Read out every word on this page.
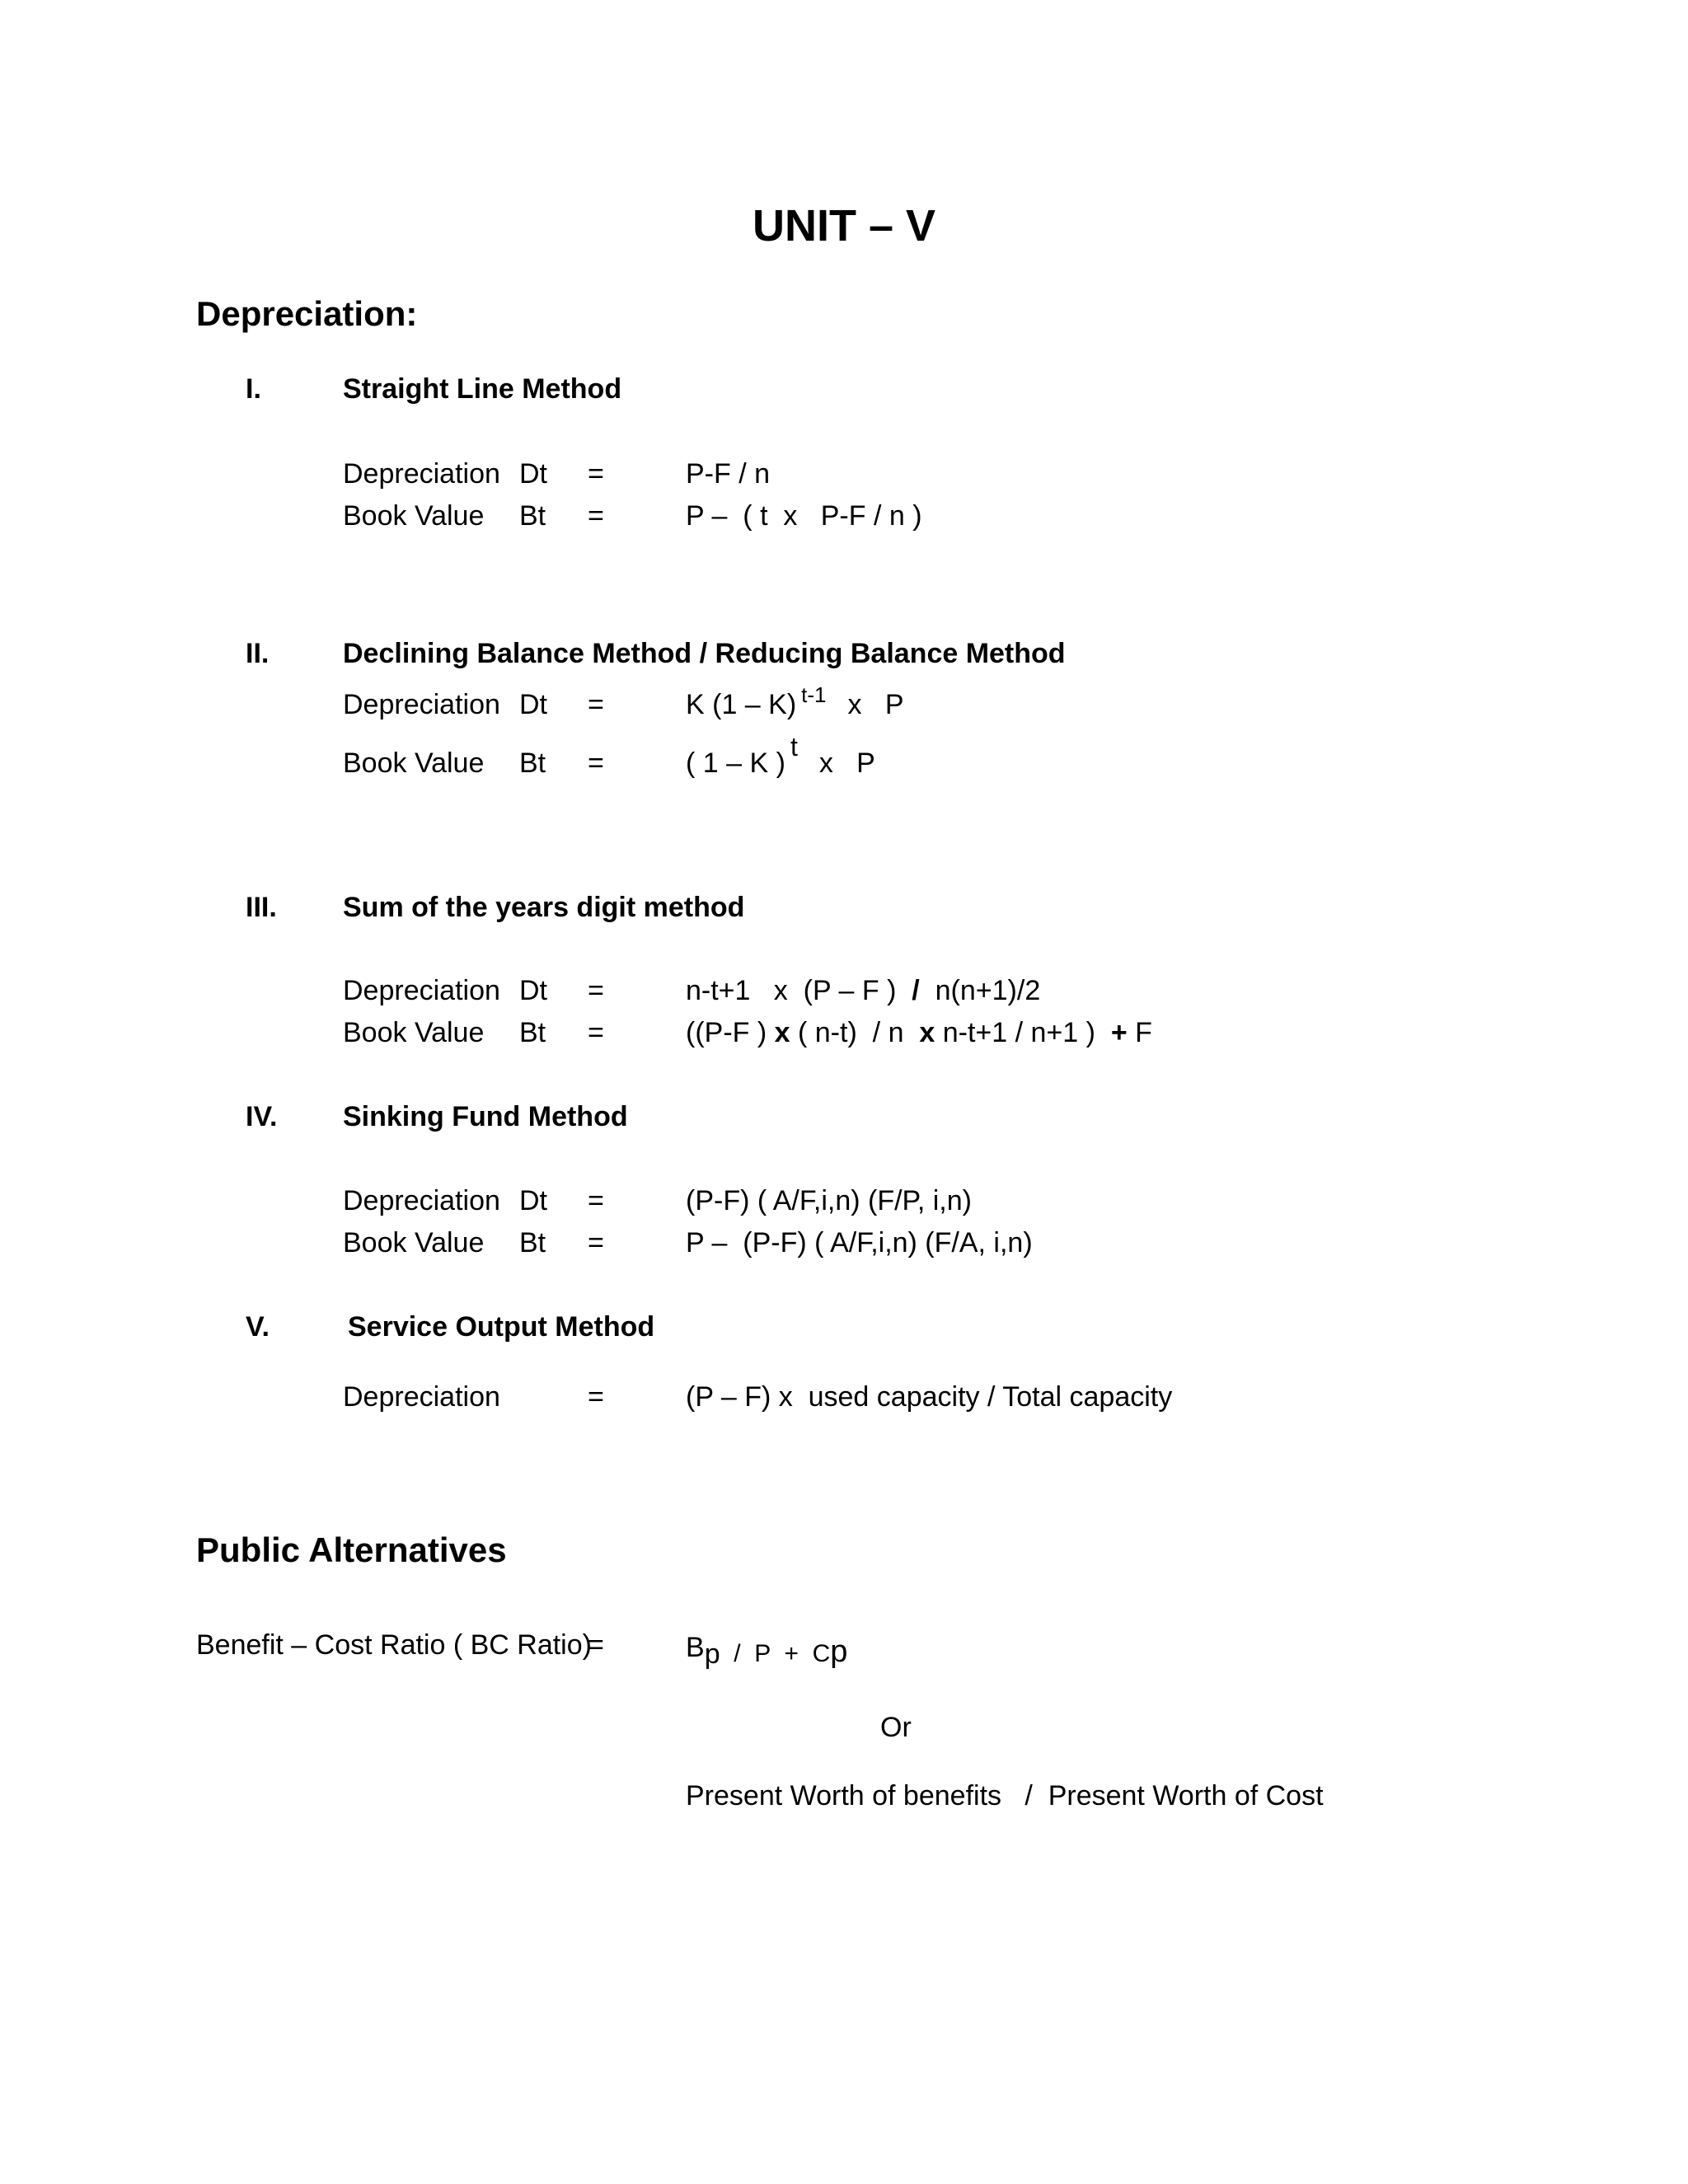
UNIT – V
Depreciation:
I.	Straight Line Method
Depreciation Dt =	P-F / n
Book Value Bt =	P –  ( t  x   P-F / n )
II.	Declining Balance Method / Reducing Balance Method
Depreciation Dt =	K (1 – K) $^{t-1}$ x   P
Book Value Bt =	( 1 – K )$^t$x   P
III. Sum of the years digit method
Depreciation Dt =	n-t+1   x  (P – F )  /  n(n+1)/2
Book Value Bt =	((P-F ) x ( n-t)  / n  x n-t+1 / n+1 )  + F
IV. Sinking Fund Method
Depreciation Dt =	(P-F) ( A/F,i,n) (F/P, i,n)
Book Value Bt =	P –  (P-F) ( A/F,i,n) (F/A, i,n)
V.	Service Output Method
Depreciation	=	(P – F) x  used capacity / Total capacity
Public Alternatives
Benefit – Cost Ratio ( BC Ratio)
=	Bp  /  P  +  Cp
Or
Present Worth of benefits   /  Present Worth of Cost
